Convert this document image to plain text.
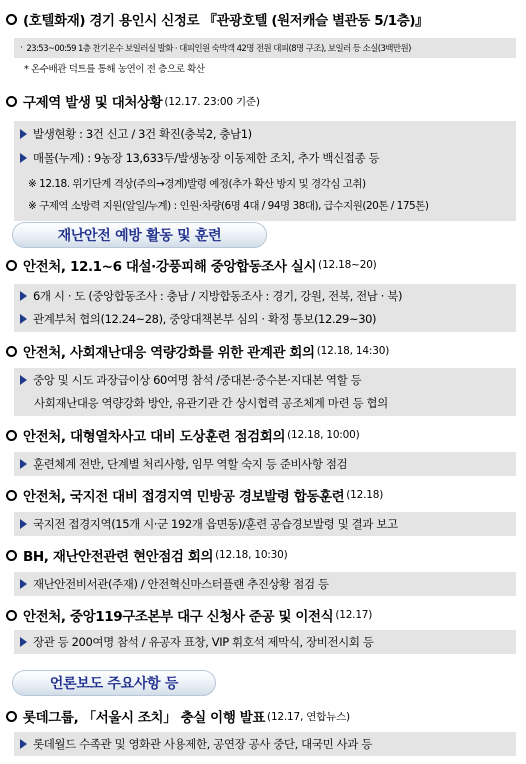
(호텔화재) 경기 용인시 신정로 『관광호텔 (원저캐슬 별관동 5/1층)』
· 23:53~00:59 1층 찬기온수 보일러실 발화 · 대피인원 숙박객 42명 전원 대피(8명 구조), 보일러 등 소실(3백만원)
* 온수배관 덕트를 통해 농연이 전 층으로 확산
구제역 발생 및 대처상황 (12.17. 23:00 기준)
발생현황 : 3건 신고 / 3건 확진(충북2, 충남1)
매몰(누계) : 9농장 13,633두/발생농장 이동제한 조치, 추가 백신접종 등
※ 12.18. 위기단계 격상(주의→경계)발령 예정(추가 확산 방지 및 경각심 고취)
※ 구제역 소방력 지원(알일/누계) : 인원·차량(6명 4대 / 94명 38대), 급수지원(20톤 / 175톤)
재난안전 예방 활동 및 훈련
안전처, 12.1~6 대설·강풍피해 중앙합동조사 실시 (12.18~20)
6개 시 · 도 (중앙합동조사 : 충남 / 지방합동조사 : 경기, 강원, 전북, 전남 · 북)
관계부처 협의(12.24~28), 중앙대책본부 심의 · 확정 통보(12.29~30)
안전처, 사회재난대응 역량강화를 위한 관계관 회의 (12.18, 14:30)
중앙 및 시도 과장급이상 60여명 참석 /중대본·중수본·지대본 역할 등
사회재난대응 역량강화 방안, 유관기관 간 상시협력 공조체계 마련 등 협의
안전처, 대형열차사고 대비 도상훈련 점검회의 (12.18, 10:00)
훈련체계 전반, 단계별 처리사항, 임무 역할 숙지 등 준비사항 점검
안전처, 국지전 대비 접경지역 민방공 경보발령 합동훈련 (12.18)
국지전 접경지역(15개 시·군 192개 읍면동)/훈련 공습경보발령 및 결과 보고
BH, 재난안전관련 현안점검 회의 (12.18, 10:30)
재난안전비서관(주재) / 안전혁신마스터플랜 추진상황 점검 등
안전처, 중앙119구조본부 대구 신청사 준공 및 이전식 (12.17)
장관 등 200여명 참석 / 유공자 표창, VIP 휘호석 제막식, 장비전시회 등
언론보도 주요사항 등
롯데그룹, 「서울시 조치」 충실 이행 발표 (12.17, 연합뉴스)
롯데월드 수족관 및 영화관 사용제한, 공연장 공사 중단, 대국민 사과 등
